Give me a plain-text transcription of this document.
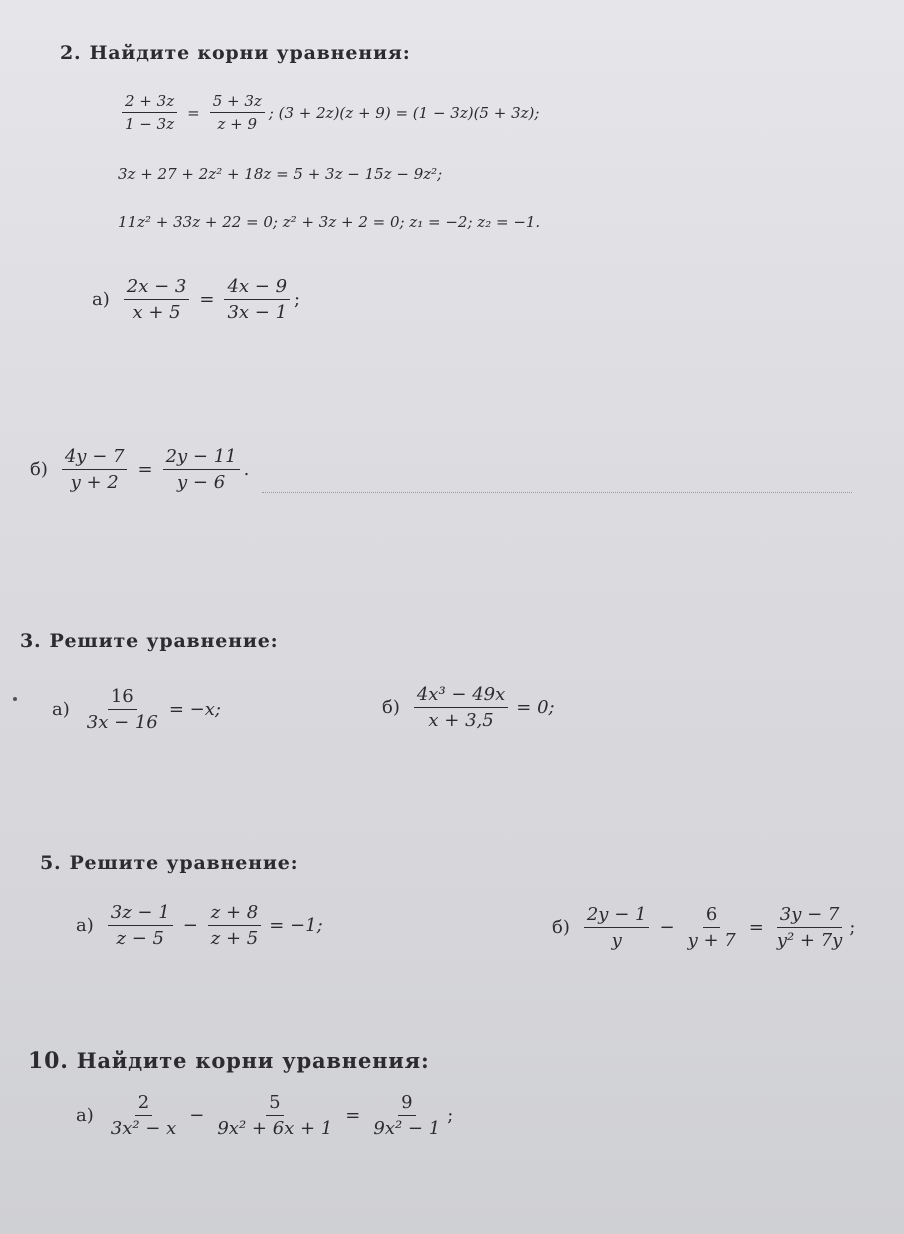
2. Найдите корни уравнения:
$\frac{2 + 3z}{1 - 3z} = \frac{5 + 3z}{z + 9}$ ; (3 + 2z)(z + 9) = (1 − 3z)(5 + 3z);
3z + 27 + 2z² + 18z = 5 + 3z − 15z − 9z²;
11z² + 33z + 22 = 0; z² + 3z + 2 = 0; z₁ = −2; z₂ = −1.
$а) \frac{2x - 3}{x + 5} = \frac{4x - 9}{3x - 1}$ ;
$б) \frac{4y - 7}{y + 2} = \frac{2y - 11}{y - 6}$ .
3. Решите уравнение:
$а) \frac{16}{3x - 16} = -x$;	$б) \frac{\text{4x³ − 49x}}{x + 3,5} = 0$;
5. Решите уравнение:
$а) \frac{3z - 1}{z - 5} - \frac{z + 8}{z + 5} = -1$;	$б) \frac{2y - 1}{y} - \frac{6}{y + 7} = \frac{3y - 7}{\text{y² + 7y}}$ ;
10. Найдите корни уравнения:
$а) \frac{2}{\text{3x² − x}} - \frac{5}{\text{9x² + 6x + 1}} = \frac{9}{\text{9x² − 1}}$ ;
